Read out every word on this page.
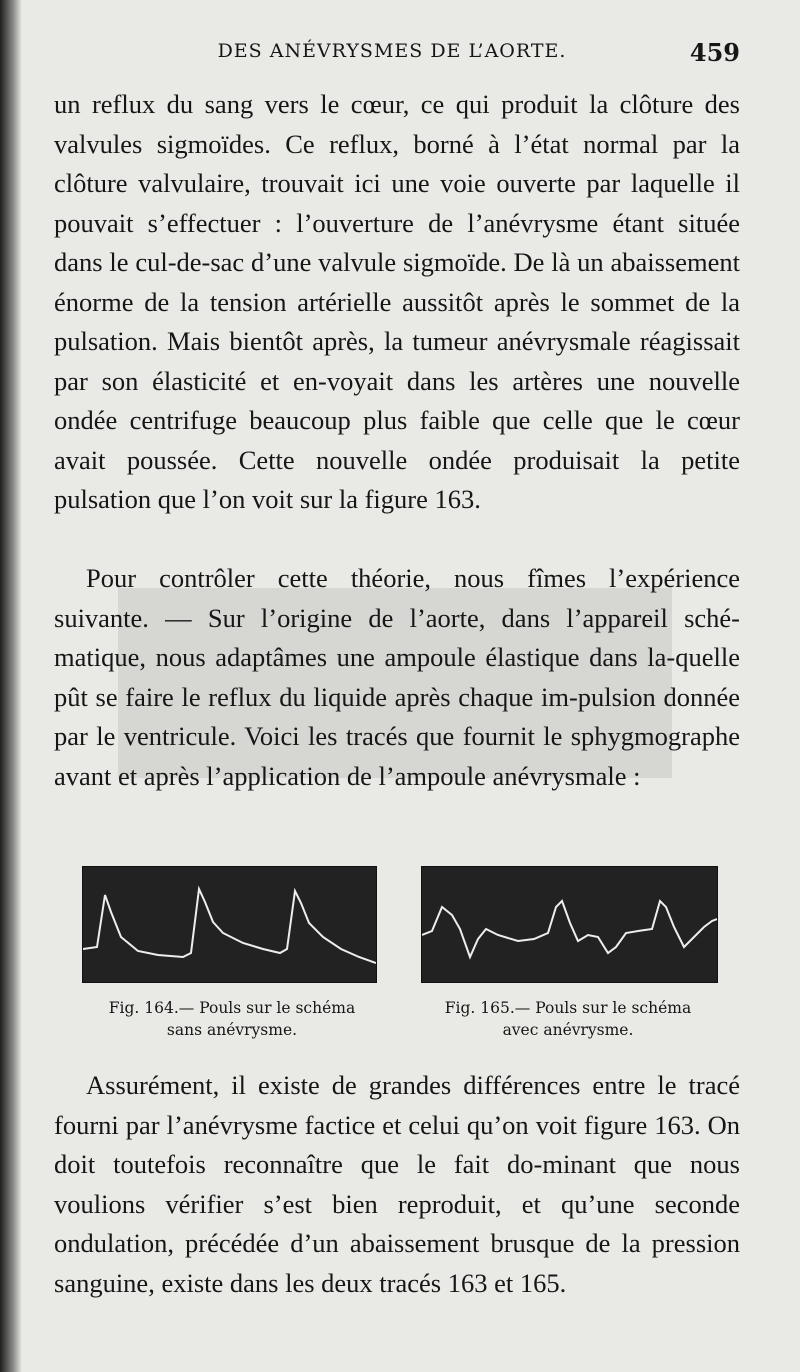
DES ANÉVRYSMES DE L’AORTE.	459

un reflux du sang vers le cœur, ce qui produit la clôture des valvules sigmoïdes. Ce reflux, borné à l’état normal par la clôture valvulaire, trouvait ici une voie ouverte par laquelle il pouvait s’effectuer : l’ouverture de l’anévrysme étant située dans le cul-de-sac d’une valvule sigmoïde. De là un abaissement énorme de la tension artérielle aussitôt après le sommet de la pulsation. Mais bientôt après, la tumeur anévrysmale réagissait par son élasticité et en-voyait dans les artères une nouvelle ondée centrifuge beaucoup plus faible que celle que le cœur avait poussée. Cette nouvelle ondée produisait la petite pulsation que l’on voit sur la figure 163.

Pour contrôler cette théorie, nous fîmes l’expérience suivante. — Sur l’origine de l’aorte, dans l’appareil sché-matique, nous adaptâmes une ampoule élastique dans la-quelle pût se faire le reflux du liquide après chaque im-pulsion donnée par le ventricule. Voici les tracés que fournit le sphygmographe avant et après l’application de l’ampoule anévrysmale :

Fig. 164.— Pouls sur le schéma
sans anévrysme.
Fig. 165.— Pouls sur le schéma
avec anévrysme.

Assurément, il existe de grandes différences entre le tracé fourni par l’anévrysme factice et celui qu’on voit figure 163. On doit toutefois reconnaître que le fait do-minant que nous voulions vérifier s’est bien reproduit, et qu’une seconde ondulation, précédée d’un abaissement brusque de la pression sanguine, existe dans les deux tracés 163 et 165.
